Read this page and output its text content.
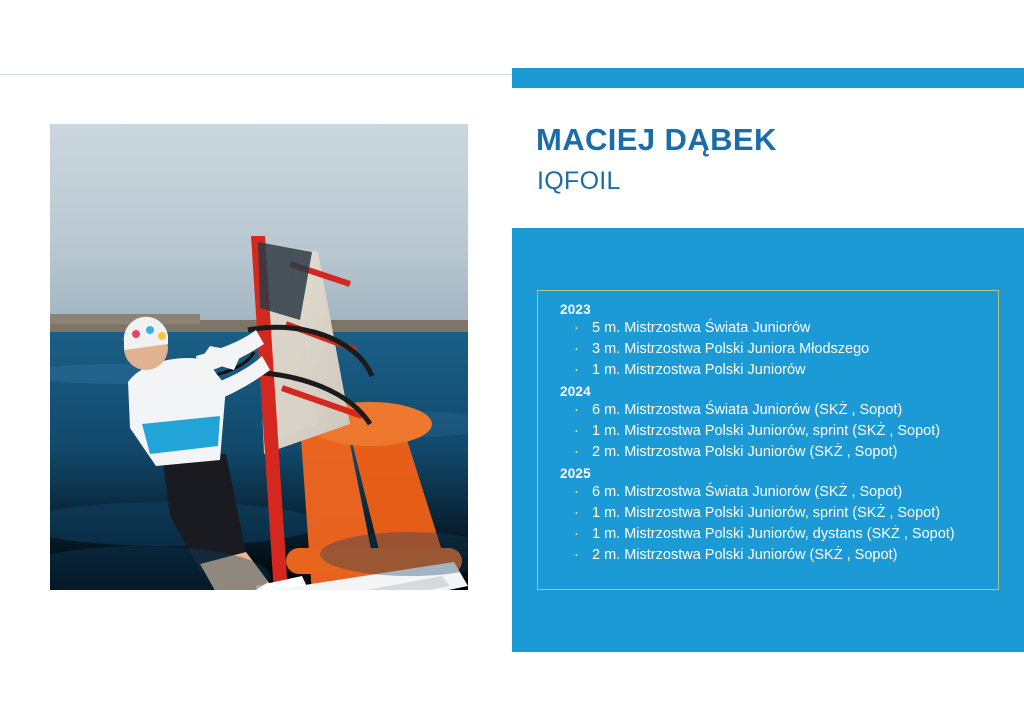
MACIEJ DĄBEK
IQFOIL
2023
· 5 m. Mistrzostwa Świata Juniorów
· 3 m. Mistrzostwa Polski Juniora Młodszego
· 1 m. Mistrzostwa Polski Juniorów
2024
· 6 m. Mistrzostwa Świata Juniorów (SKŻ , Sopot)
· 1 m. Mistrzostwa Polski Juniorów, sprint (SKŻ , Sopot)
· 2 m. Mistrzostwa Polski Juniorów (SKŻ , Sopot)
2025
· 6 m. Mistrzostwa Świata Juniorów (SKŻ , Sopot)
· 1 m. Mistrzostwa Polski Juniorów, sprint (SKŻ , Sopot)
· 1 m. Mistrzostwa Polski Juniorów, dystans (SKŻ , Sopot)
· 2 m. Mistrzostwa Polski Juniorów (SKŻ , Sopot)
